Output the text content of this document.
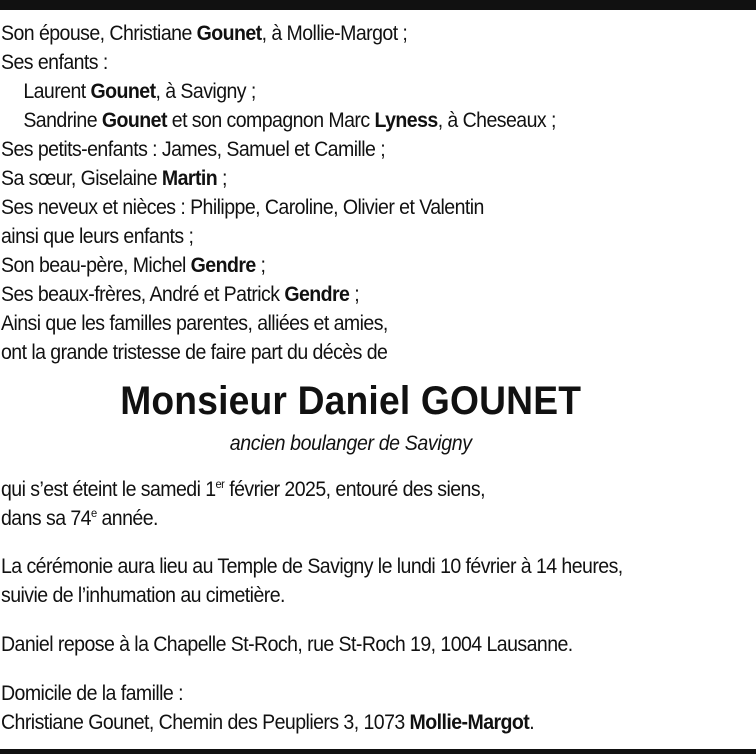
Son épouse, Christiane Gounet, à Mollie-Margot ;
Ses enfants :
Laurent Gounet, à Savigny ;
Sandrine Gounet et son compagnon Marc Lyness, à Cheseaux ;
Ses petits-enfants : James, Samuel et Camille ;
Sa sœur, Giselaine Martin ;
Ses neveux et nièces : Philippe, Caroline, Olivier et Valentin
ainsi que leurs enfants ;
Son beau-père, Michel Gendre ;
Ses beaux-frères, André et Patrick Gendre ;
Ainsi que les familles parentes, alliées et amies,
ont la grande tristesse de faire part du décès de
Monsieur Daniel GOUNET
ancien boulanger de Savigny
qui s’est éteint le samedi 1er février 2025, entouré des siens,
dans sa 74e année.
La cérémonie aura lieu au Temple de Savigny le lundi 10 février à 14 heures,
suivie de l’inhumation au cimetière.
Daniel repose à la Chapelle St-Roch, rue St-Roch 19, 1004 Lausanne.
Domicile de la famille :
Christiane Gounet, Chemin des Peupliers 3, 1073 Mollie-Margot.
